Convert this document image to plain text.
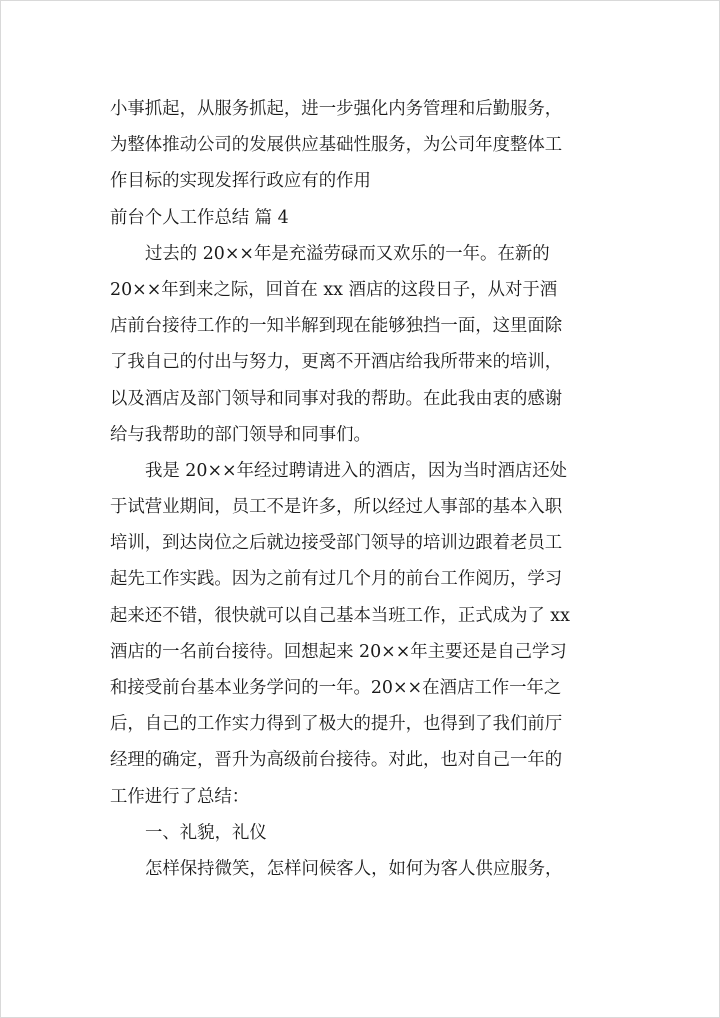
小事抓起，从服务抓起，进一步强化内务管理和后勤服务，
为整体推动公司的发展供应基础性服务，为公司年度整体工
作目标的实现发挥行政应有的作用
前台个人工作总结 篇 4
过去的 20××年是充溢劳碌而又欢乐的一年。在新的
20××年到来之际，回首在 xx 酒店的这段日子，从对于酒
店前台接待工作的一知半解到现在能够独挡一面，这里面除
了我自己的付出与努力，更离不开酒店给我所带来的培训，
以及酒店及部门领导和同事对我的帮助。在此我由衷的感谢
给与我帮助的部门领导和同事们。
我是 20××年经过聘请进入的酒店，因为当时酒店还处
于试营业期间，员工不是许多，所以经过人事部的基本入职
培训，到达岗位之后就边接受部门领导的培训边跟着老员工
起先工作实践。因为之前有过几个月的前台工作阅历，学习
起来还不错，很快就可以自己基本当班工作，正式成为了 xx
酒店的一名前台接待。回想起来 20××年主要还是自己学习
和接受前台基本业务学问的一年。20××在酒店工作一年之
后，自己的工作实力得到了极大的提升，也得到了我们前厅
经理的确定，晋升为高级前台接待。对此，也对自己一年的
工作进行了总结：
一、礼貌，礼仪
怎样保持微笑，怎样问候客人，如何为客人供应服务，
